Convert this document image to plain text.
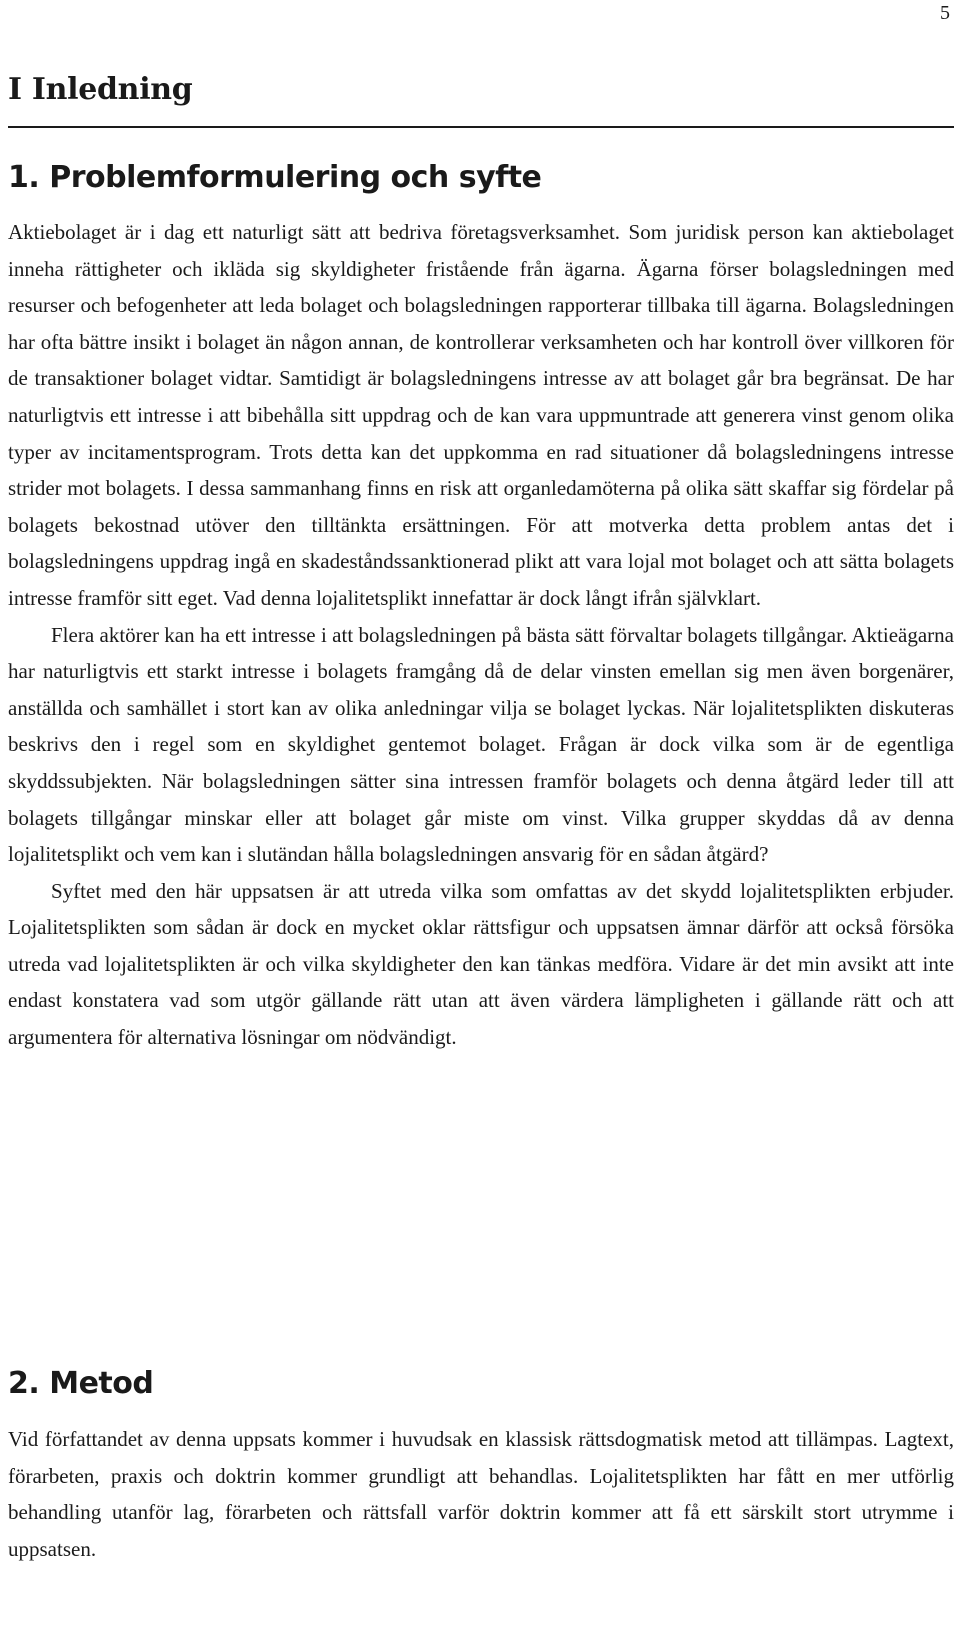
5
I Inledning
1. Problemformulering och syfte

Aktiebolaget är i dag ett naturligt sätt att bedriva företagsverksamhet. Som juridisk person kan aktiebolaget inneha rättigheter och ikläda sig skyldigheter fristående från ägarna. Ägarna förser bolagsledningen med resurser och befogenheter att leda bolaget och bolagsledningen rapporterar tillbaka till ägarna. Bolagsledningen har ofta bättre insikt i bolaget än någon annan, de kontrollerar verksamheten och har kontroll över villkoren för de transaktioner bolaget vidtar. Samtidigt är bolagsledningens intresse av att bolaget går bra begränsat. De har naturligtvis ett intresse i att bibehålla sitt uppdrag och de kan vara uppmuntrade att generera vinst genom olika typer av incitamentsprogram. Trots detta kan det uppkomma en rad situationer då bolagsledningens intresse strider mot bolagets. I dessa sammanhang finns en risk att organledamöterna på olika sätt skaffar sig fördelar på bolagets bekostnad utöver den tilltänkta ersättningen. För att motverka detta problem antas det i bolagsledningens uppdrag ingå en skadeståndssanktionerad plikt att vara lojal mot bolaget och att sätta bolagets intresse framför sitt eget. Vad denna lojalitetsplikt innefattar är dock långt ifrån självklart.

Flera aktörer kan ha ett intresse i att bolagsledningen på bästa sätt förvaltar bolagets tillgångar. Aktieägarna har naturligtvis ett starkt intresse i bolagets framgång då de delar vinsten emellan sig men även borgenärer, anställda och samhället i stort kan av olika anledningar vilja se bolaget lyckas. När lojalitetsplikten diskuteras beskrivs den i regel som en skyldighet gentemot bolaget. Frågan är dock vilka som är de egentliga skyddssubjekten. När bolagsledningen sätter sina intressen framför bolagets och denna åtgärd leder till att bolagets tillgångar minskar eller att bolaget går miste om vinst. Vilka grupper skyddas då av denna lojalitetsplikt och vem kan i slutändan hålla bolagsledningen ansvarig för en sådan åtgärd?

Syftet med den här uppsatsen är att utreda vilka som omfattas av det skydd lojalitetsplikten erbjuder. Lojalitetsplikten som sådan är dock en mycket oklar rättsfigur och uppsatsen ämnar därför att också försöka utreda vad lojalitetsplikten är och vilka skyldigheter den kan tänkas medföra. Vidare är det min avsikt att inte endast konstatera vad som utgör gällande rätt utan att även värdera lämpligheten i gällande rätt och att argumentera för alternativa lösningar om nödvändigt.

2. Metod

Vid författandet av denna uppsats kommer i huvudsak en klassisk rättsdogmatisk metod att tillämpas. Lagtext, förarbeten, praxis och doktrin kommer grundligt att behandlas. Lojalitetsplikten har fått en mer utförlig behandling utanför lag, förarbeten och rättsfall varför doktrin kommer att få ett särskilt stort utrymme i uppsatsen.
